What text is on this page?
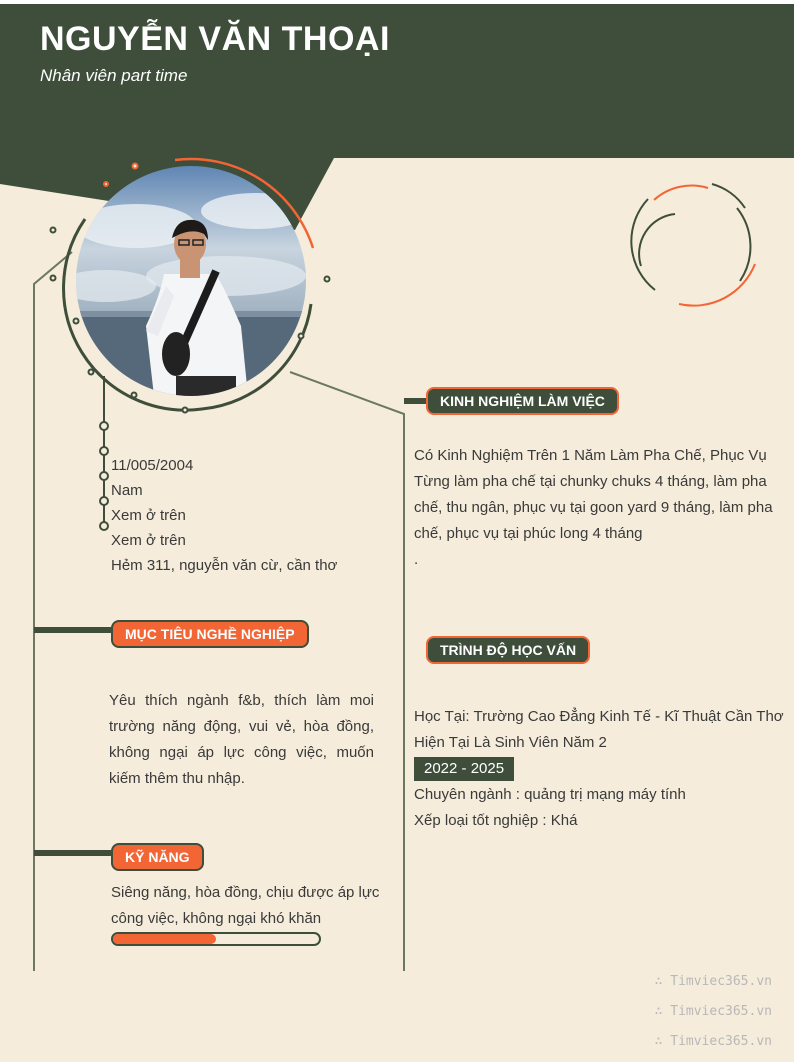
NGUYỄN VĂN THOẠI
Nhân viên part time
11/005/2004
Nam
Xem ở trên
Xem ở trên
Hẻm 311, nguyễn văn cừ, cần thơ
MỤC TIÊU NGHỀ NGHIỆP
Yêu thích ngành f&b, thích làm moi
trường năng động, vui vẻ, hòa đồng,
không ngại áp lực công việc, muốn
kiếm thêm thu nhập.
KỸ NĂNG
Siêng năng, hòa đồng, chịu được áp lực
công việc, không ngại khó khăn
KINH NGHIỆM LÀM VIỆC
Có Kinh Nghiệm Trên 1 Năm Làm Pha Chế, Phục Vụ
Từng làm pha chế tại chunky chuks 4 tháng, làm pha
chế, thu ngân, phục vụ tại goon yard 9 tháng, làm pha
chế, phục vụ tại phúc long 4 tháng
.
TRÌNH ĐỘ HỌC VẤN
Học Tại: Trường Cao Đẳng Kinh Tế - Kĩ Thuật Cần Thơ
Hiện Tại Là Sinh Viên Năm 2
2022 - 2025
Chuyên ngành : quảng trị mạng máy tính
Xếp loại tốt nghiệp : Khá
∴ Timviec365.vn
∴ Timviec365.vn
∴ Timviec365.vn
